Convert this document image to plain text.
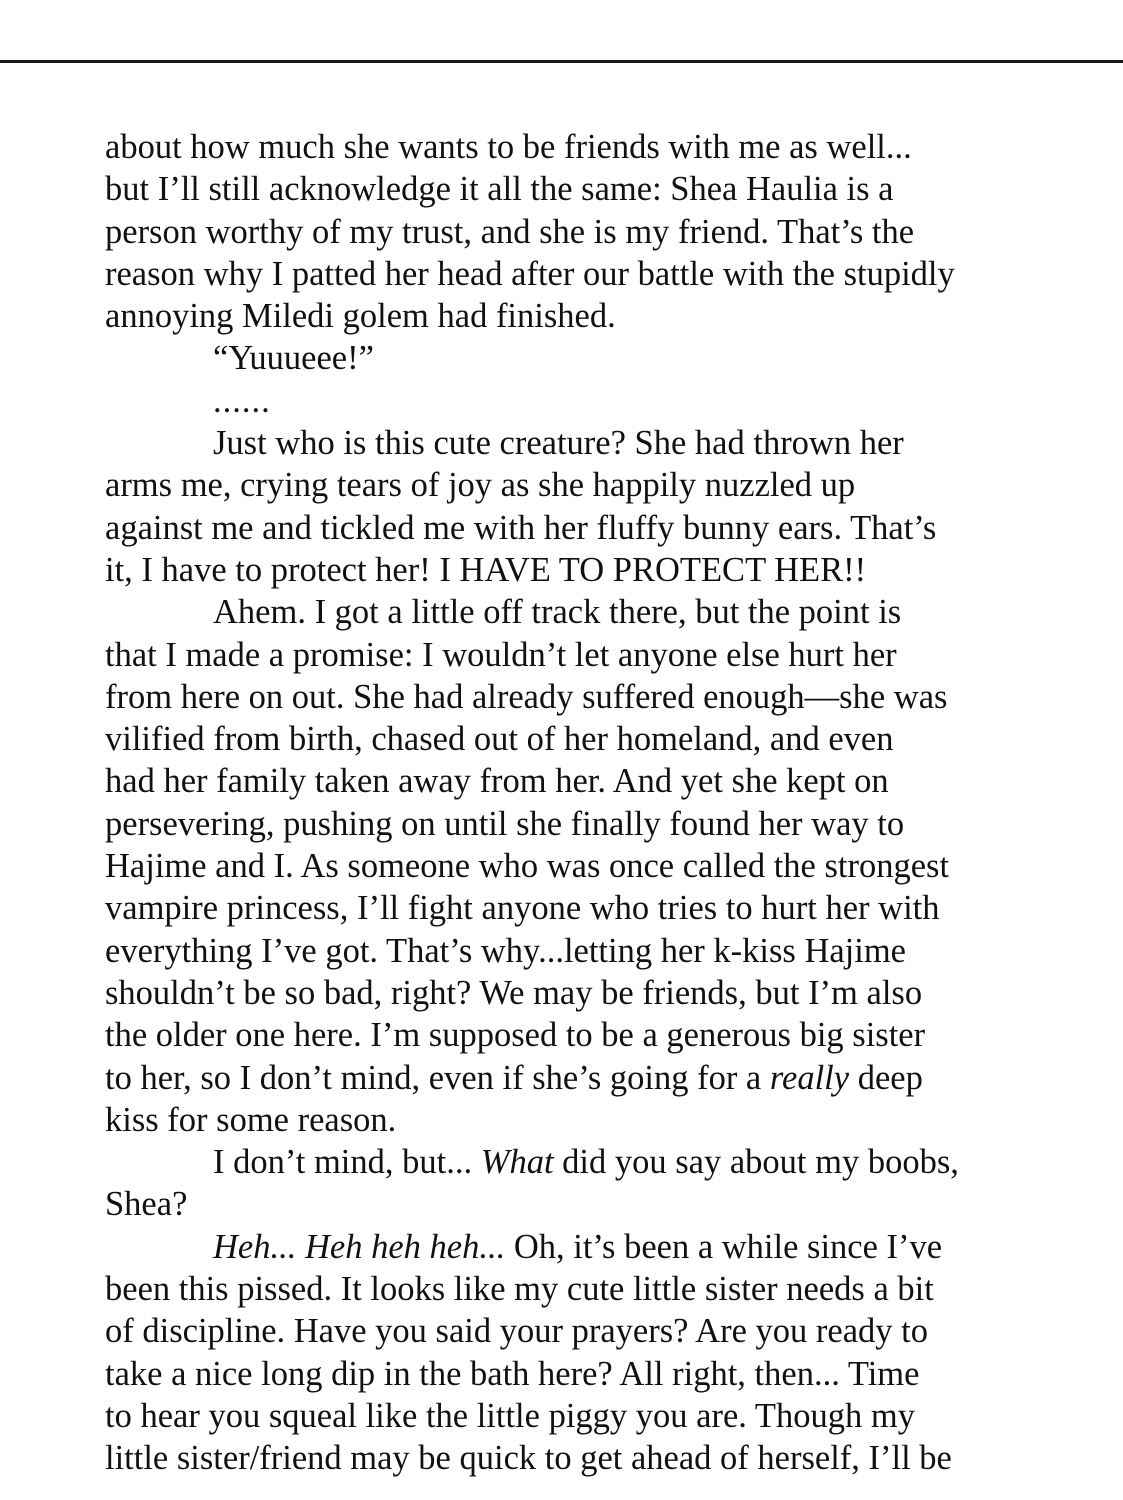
about how much she wants to be friends with me as well...
but I’ll still acknowledge it all the same: Shea Haulia is a
person worthy of my trust, and she is my friend. That’s the
reason why I patted her head after our battle with the stupidly
annoying Miledi golem had finished.
“Yuuueee!”
......
Just who is this cute creature? She had thrown her
arms me, crying tears of joy as she happily nuzzled up
against me and tickled me with her fluffy bunny ears. That’s
it, I have to protect her! I HAVE TO PROTECT HER!!
Ahem. I got a little off track there, but the point is
that I made a promise: I wouldn’t let anyone else hurt her
from here on out. She had already suffered enough—she was
vilified from birth, chased out of her homeland, and even
had her family taken away from her. And yet she kept on
persevering, pushing on until she finally found her way to
Hajime and I. As someone who was once called the strongest
vampire princess, I’ll fight anyone who tries to hurt her with
everything I’ve got. That’s why...letting her k-kiss Hajime
shouldn’t be so bad, right? We may be friends, but I’m also
the older one here. I’m supposed to be a generous big sister
to her, so I don’t mind, even if she’s going for a really deep
kiss for some reason.
I don’t mind, but... What did you say about my boobs,
Shea?
Heh... Heh heh heh... Oh, it’s been a while since I’ve
been this pissed. It looks like my cute little sister needs a bit
of discipline. Have you said your prayers? Are you ready to
take a nice long dip in the bath here? All right, then... Time
to hear you squeal like the little piggy you are. Though my
little sister/friend may be quick to get ahead of herself, I’ll be
